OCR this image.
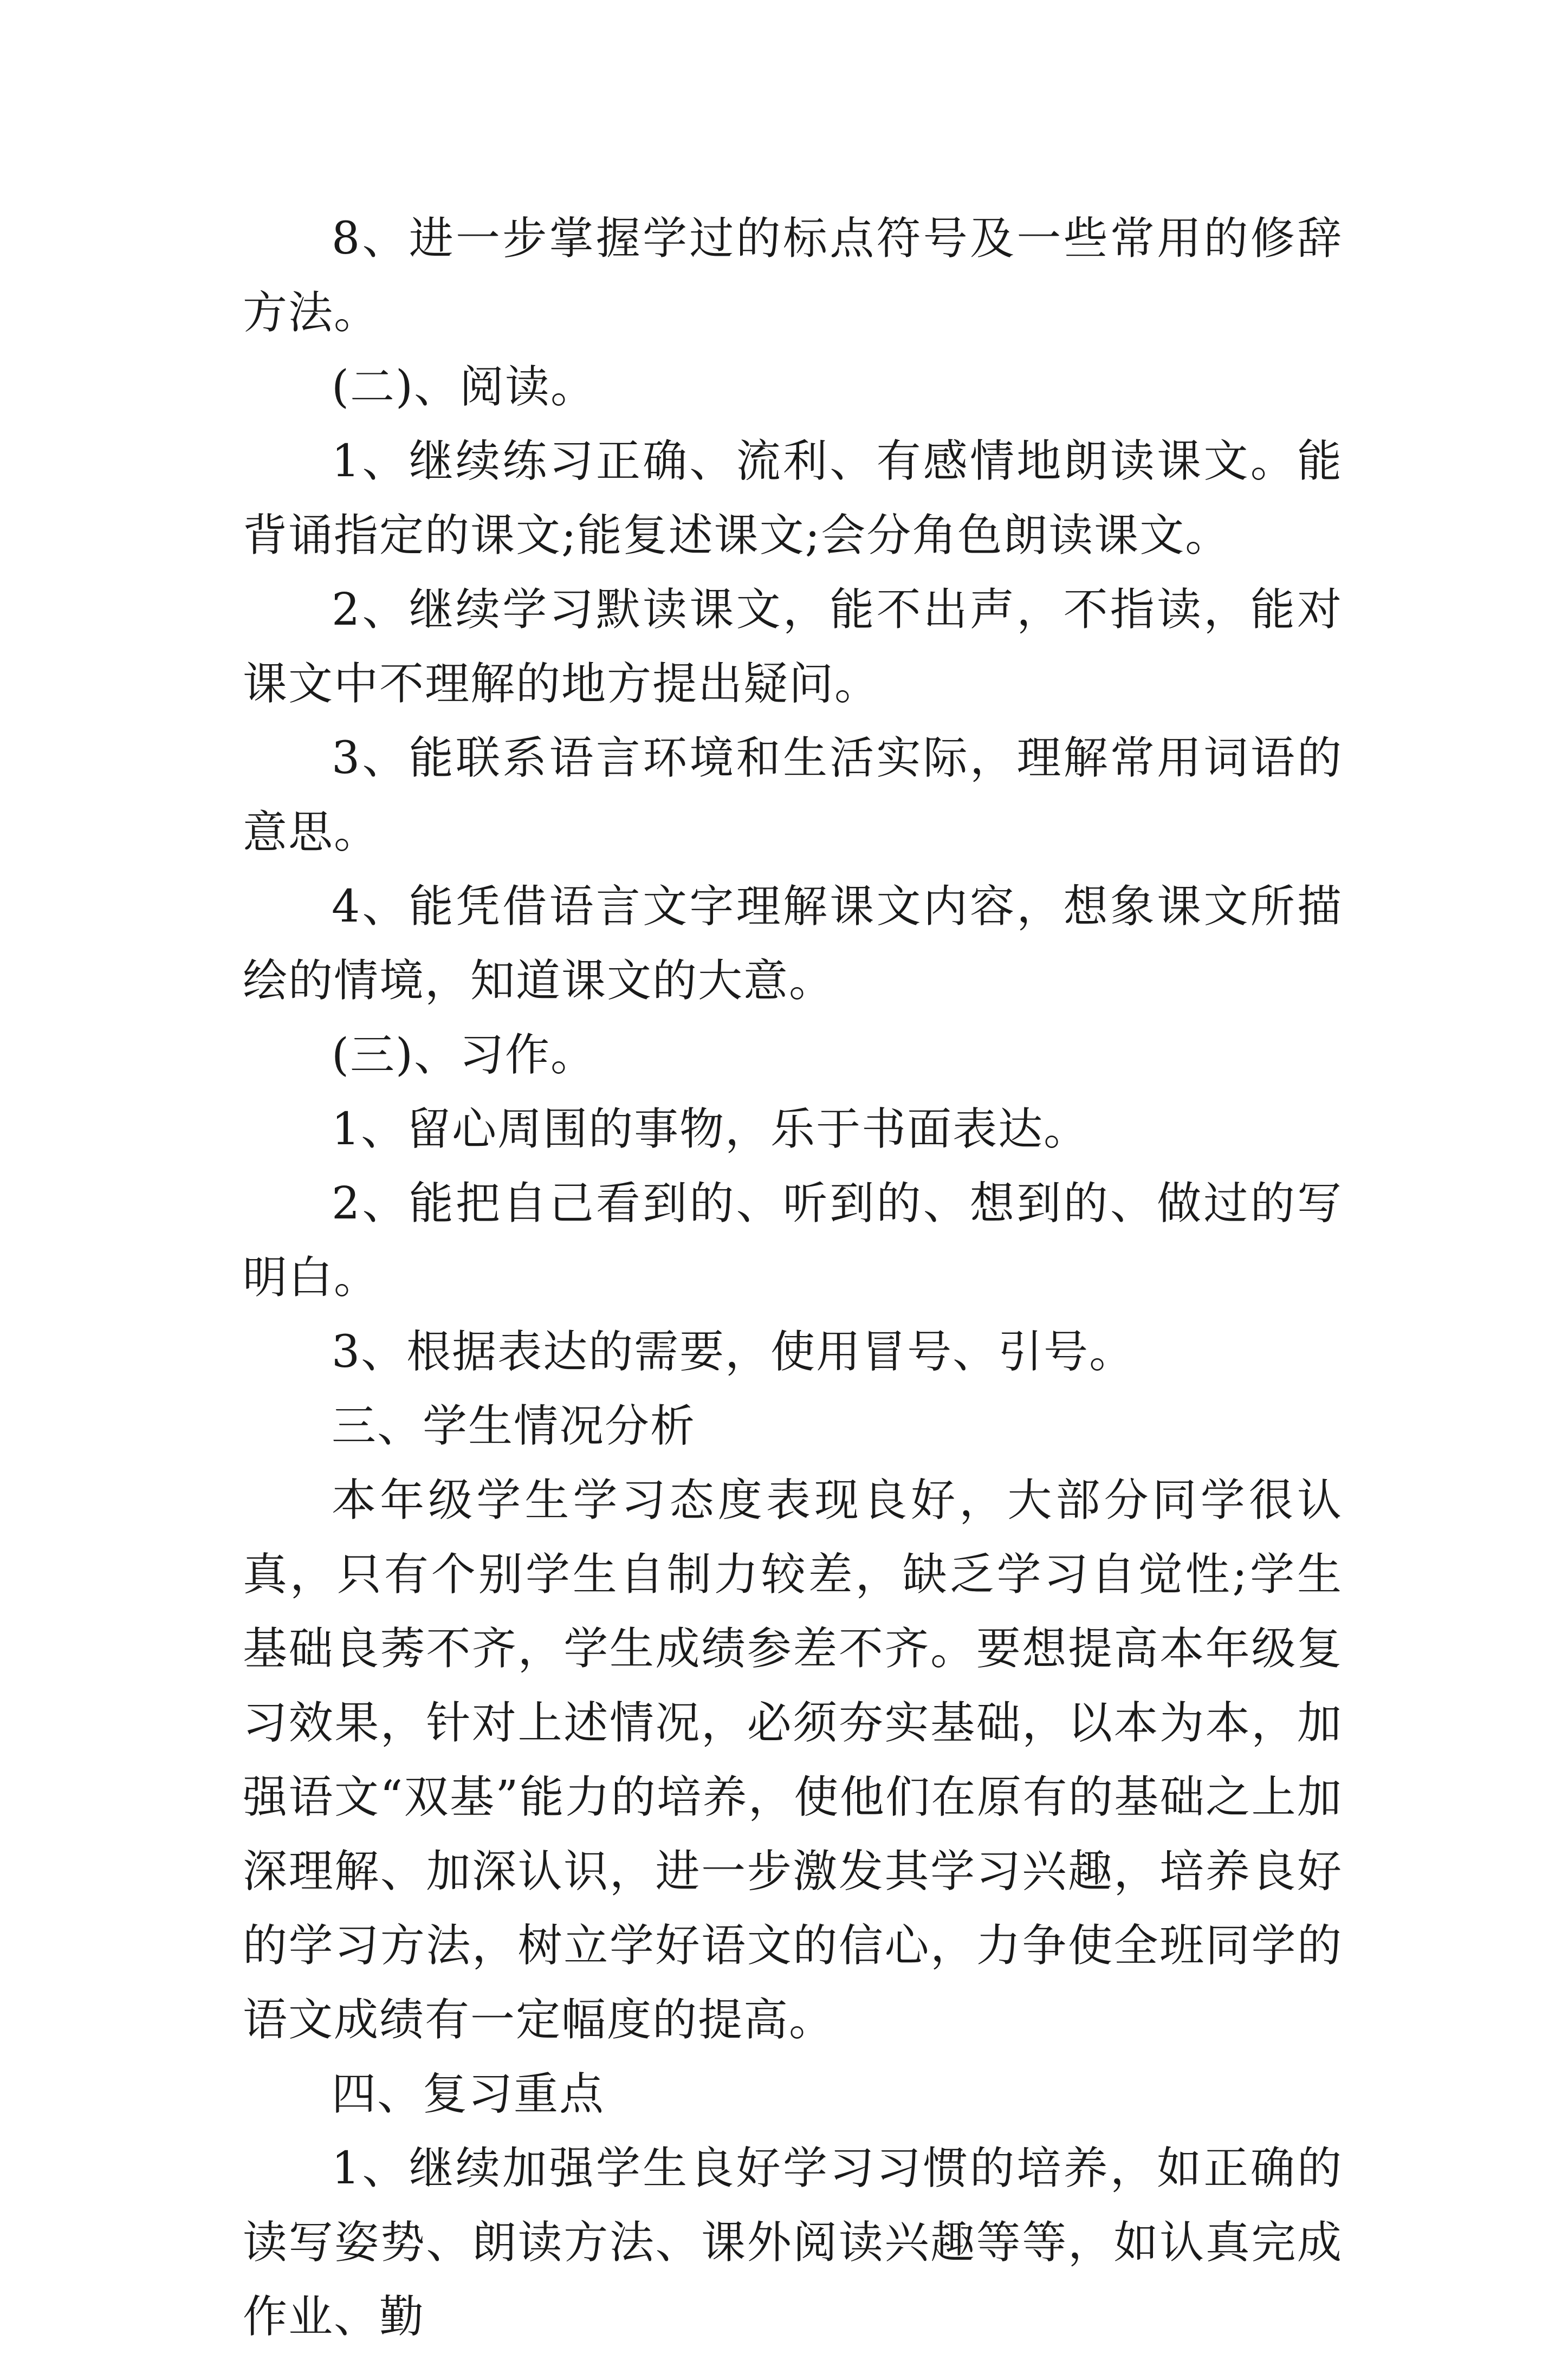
8、进一步掌握学过的标点符号及一些常用的修辞方法。

(二)、阅读。

1、继续练习正确、流利、有感情地朗读课文。能背诵指定的课文;能复述课文;会分角色朗读课文。

2、继续学习默读课文，能不出声，不指读，能对课文中不理解的地方提出疑问。

3、能联系语言环境和生活实际，理解常用词语的意思。

4、能凭借语言文字理解课文内容，想象课文所描绘的情境，知道课文的大意。

(三)、习作。

1、留心周围的事物，乐于书面表达。

2、能把自己看到的、听到的、想到的、做过的写明白。

3、根据表达的需要，使用冒号、引号。

三、学生情况分析

本年级学生学习态度表现良好，大部分同学很认真，只有个别学生自制力较差，缺乏学习自觉性;学生基础良莠不齐，学生成绩参差不齐。要想提高本年级复习效果，针对上述情况，必须夯实基础，以本为本，加强语文“双基”能力的培养，使他们在原有的基础之上加深理解、加深认识，进一步激发其学习兴趣，培养良好的学习方法，树立学好语文的信心，力争使全班同学的语文成绩有一定幅度的提高。

四、复习重点

1、继续加强学生良好学习习惯的培养，如正确的读写姿势、朗读方法、课外阅读兴趣等等，如认真完成作业、勤
